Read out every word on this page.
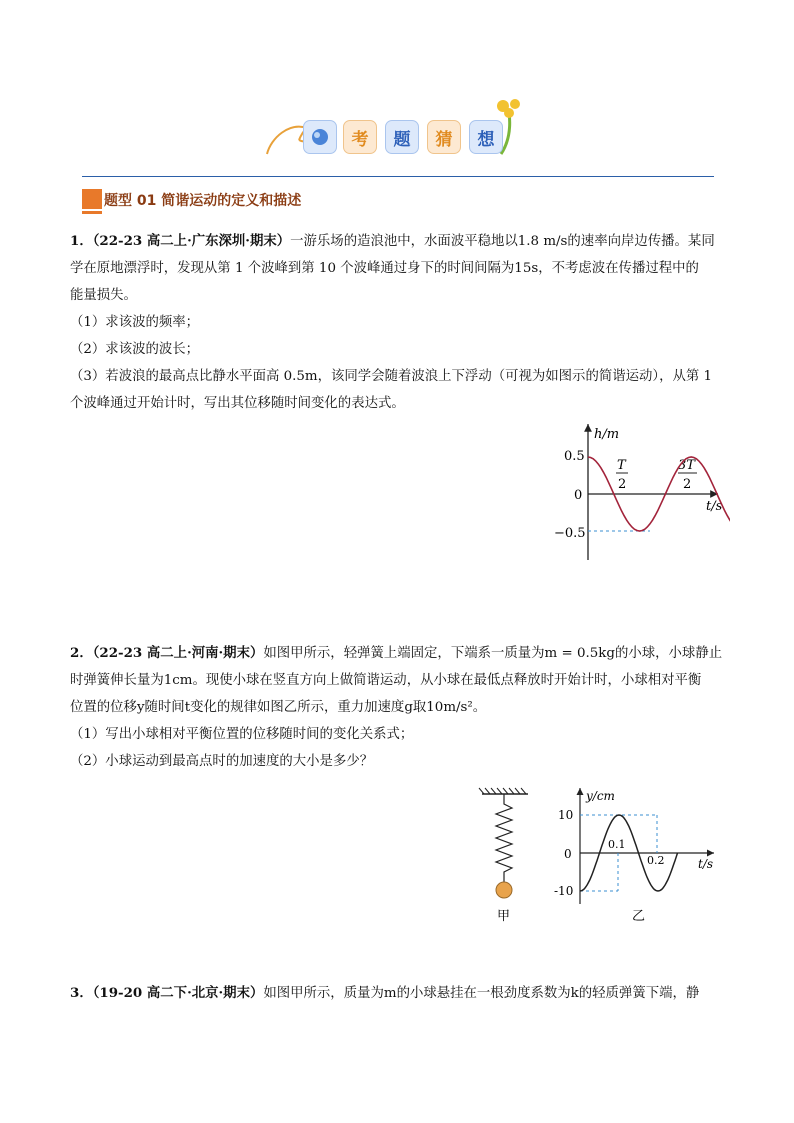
考	题	猜	想
题型 01 简谐运动的定义和描述
1．（22-23 高二上·广东深圳·期末）一游乐场的造浪池中，水面波平稳地以1.8 m/s的速率向岸边传播。某同
学在原地漂浮时，发现从第 1 个波峰到第 10 个波峰通过身下的时间间隔为15s，不考虑波在传播过程中的
能量损失。
（1）求该波的频率；
（2）求该波的波长；
（3）若波浪的最高点比静水平面高 0.5m，该同学会随着波浪上下浮动（可视为如图示的简谐运动），从第 1
个波峰通过开始计时，写出其位移随时间变化的表达式。
h/m
t/s
0.5
0
−0.5
T
2
3T
2
2．（22-23 高二上·河南·期末）如图甲所示，轻弹簧上端固定，下端系一质量为m = 0.5kg的小球，小球静止
时弹簧伸长量为1cm。现使小球在竖直方向上做简谐运动，从小球在最低点释放时开始计时，小球相对平衡
位置的位移y随时间t变化的规律如图乙所示，重力加速度g取10m/s²。
（1）写出小球相对平衡位置的位移随时间的变化关系式；
（2）小球运动到最高点时的加速度的大小是多少？
甲
y/cm
t/s
10
0
-10
0.1
0.2
乙
3．（19-20 高二下·北京·期末）如图甲所示，质量为m的小球悬挂在一根劲度系数为k的轻质弹簧下端，静
